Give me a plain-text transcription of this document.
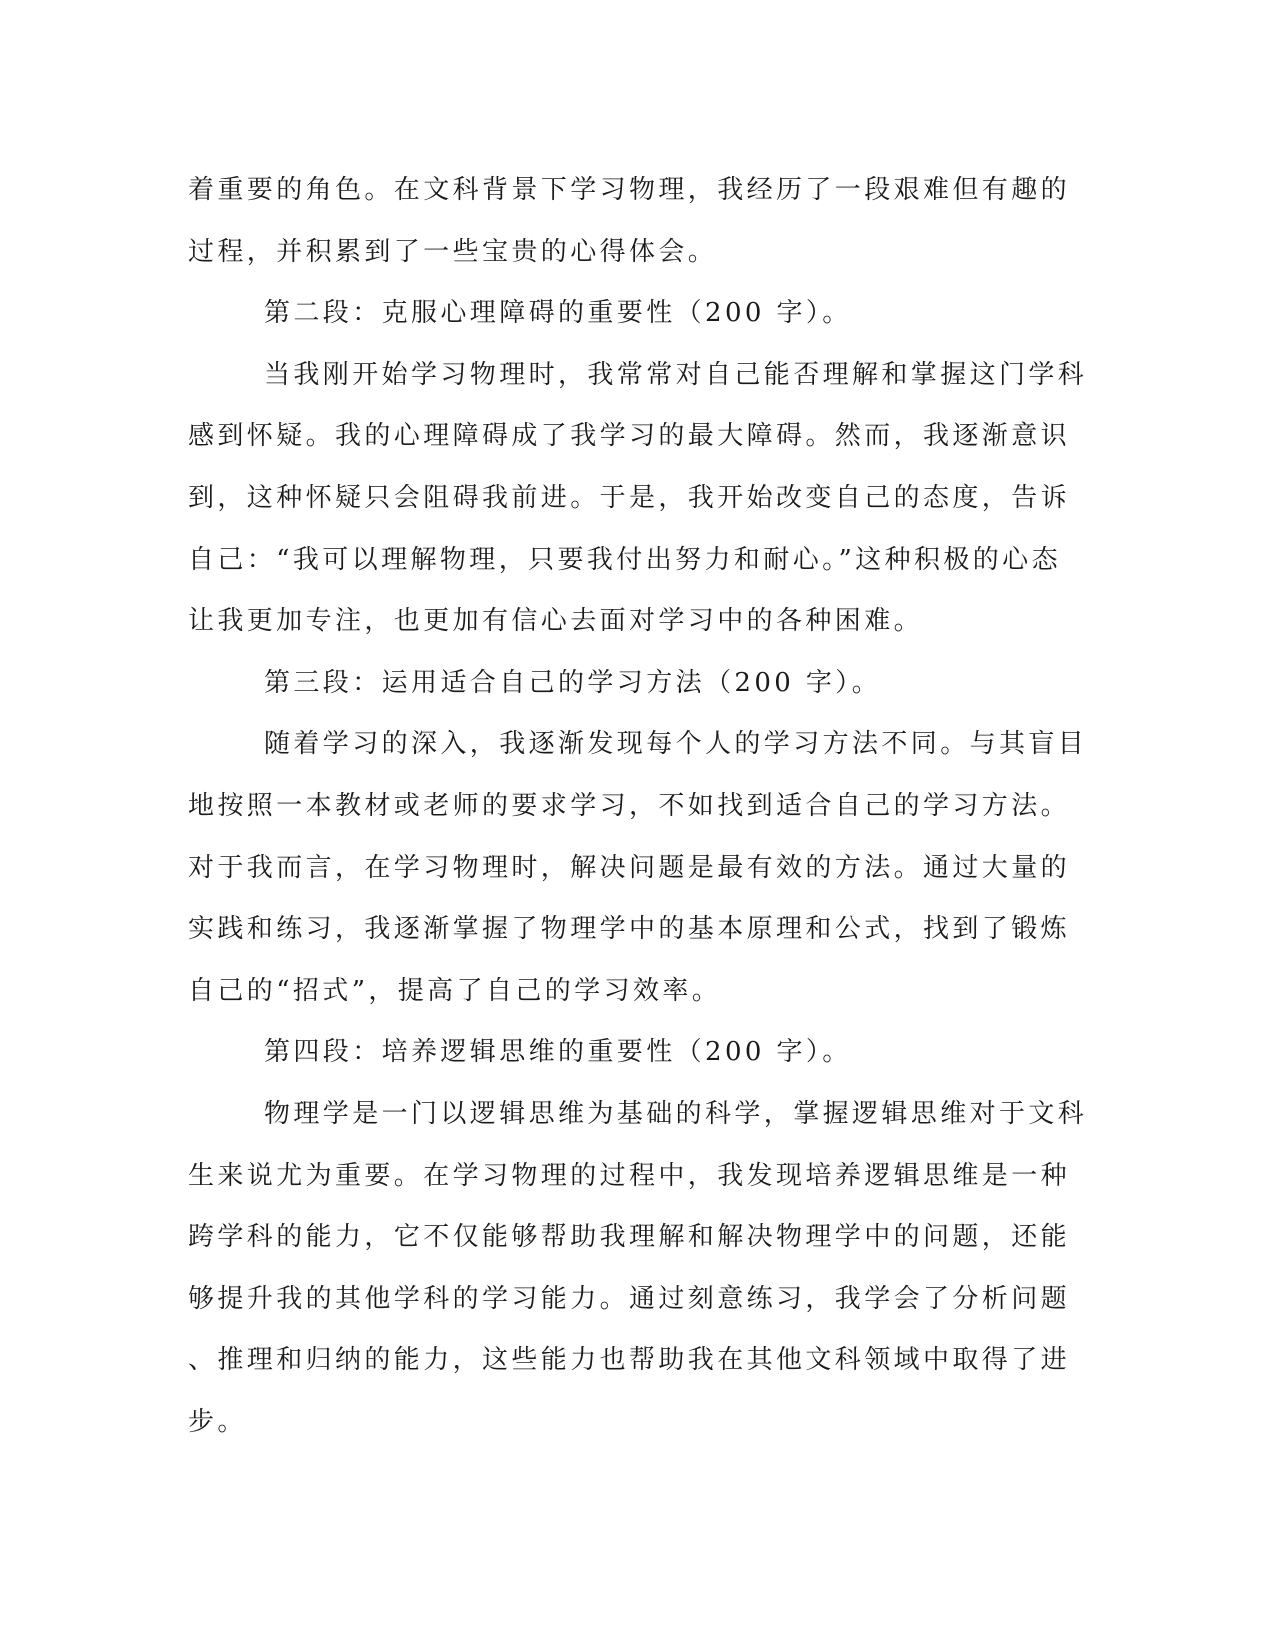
着重要的角色。在文科背景下学习物理，我经历了一段艰难但有趣的
过程，并积累到了一些宝贵的心得体会。
第二段：克服心理障碍的重要性（200 字）。
当我刚开始学习物理时，我常常对自己能否理解和掌握这门学科
感到怀疑。我的心理障碍成了我学习的最大障碍。然而，我逐渐意识
到，这种怀疑只会阻碍我前进。于是，我开始改变自己的态度，告诉
自己：“我可以理解物理，只要我付出努力和耐心。”这种积极的心态
让我更加专注，也更加有信心去面对学习中的各种困难。
第三段：运用适合自己的学习方法（200 字）。
随着学习的深入，我逐渐发现每个人的学习方法不同。与其盲目
地按照一本教材或老师的要求学习，不如找到适合自己的学习方法。
对于我而言，在学习物理时，解决问题是最有效的方法。通过大量的
实践和练习，我逐渐掌握了物理学中的基本原理和公式，找到了锻炼
自己的“招式”，提高了自己的学习效率。
第四段：培养逻辑思维的重要性（200 字）。
物理学是一门以逻辑思维为基础的科学，掌握逻辑思维对于文科
生来说尤为重要。在学习物理的过程中，我发现培养逻辑思维是一种
跨学科的能力，它不仅能够帮助我理解和解决物理学中的问题，还能
够提升我的其他学科的学习能力。通过刻意练习，我学会了分析问题
、推理和归纳的能力，这些能力也帮助我在其他文科领域中取得了进
步。
